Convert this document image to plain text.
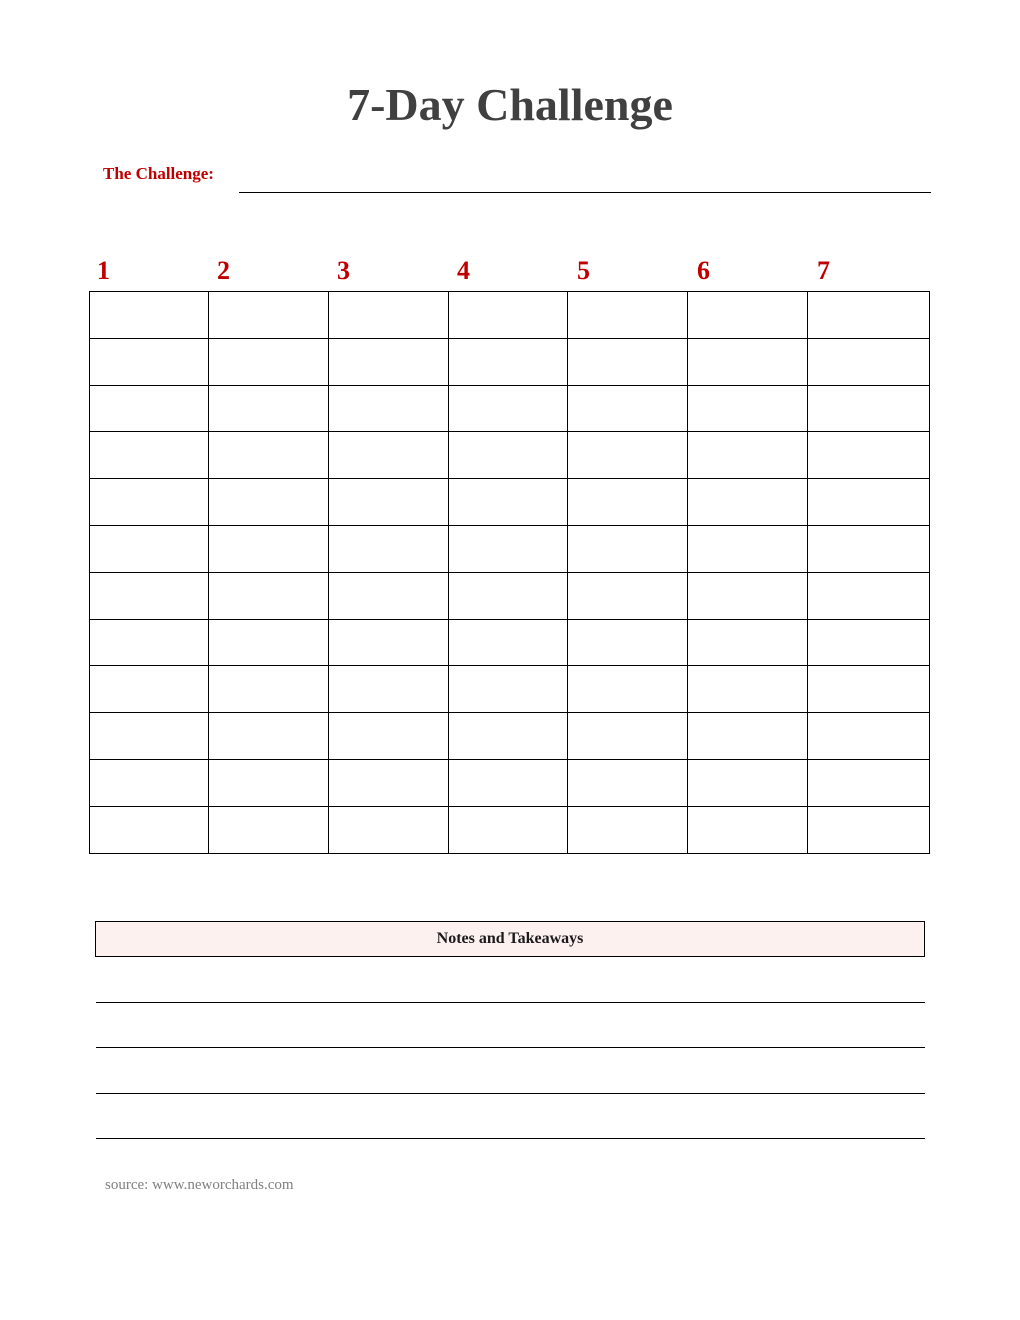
7-Day Challenge
The Challenge:
1	2	3	4	5	6	7

Notes and Takeaways
source: www.neworchards.com
